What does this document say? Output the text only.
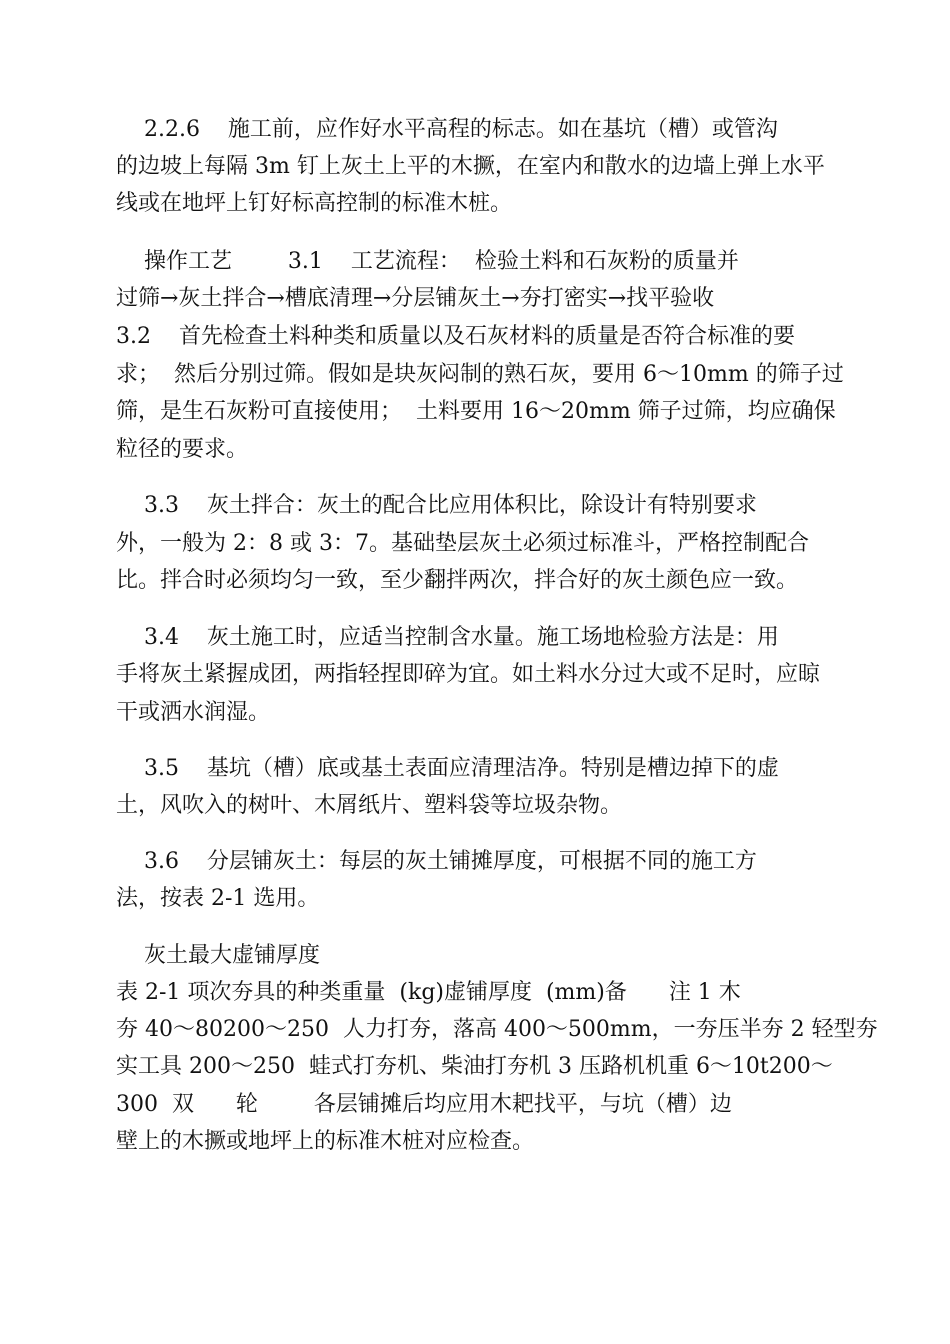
2.2.6    施工前，应作好水平高程的标志。如在基坑（槽）或管沟
的边坡上每隔 3m 钉上灰土上平的木撅，在室内和散水的边墙上弹上水平
线或在地坪上钉好标高控制的标准木桩。
操作工艺        3.1    工艺流程：  检验土料和石灰粉的质量并
过筛→灰土拌合→槽底清理→分层铺灰土→夯打密实→找平验收
3.2    首先检查土料种类和质量以及石灰材料的质量是否符合标准的要
求；  然后分别过筛。假如是块灰闷制的熟石灰，要用 6～10mm 的筛子过
筛，是生石灰粉可直接使用；  土料要用 16～20mm 筛子过筛，均应确保
粒径的要求。
3.3    灰土拌合：灰土的配合比应用体积比，除设计有特别要求
外，一般为 2：8 或 3：7。基础垫层灰土必须过标准斗，严格控制配合
比。拌合时必须均匀一致，至少翻拌两次，拌合好的灰土颜色应一致。
3.4    灰土施工时，应适当控制含水量。施工场地检验方法是：用
手将灰土紧握成团，两指轻捏即碎为宜。如土料水分过大或不足时，应晾
干或洒水润湿。
3.5    基坑（槽）底或基土表面应清理洁净。特别是槽边掉下的虚
土，风吹入的树叶、木屑纸片、塑料袋等垃圾杂物。
3.6    分层铺灰土：每层的灰土铺摊厚度，可根据不同的施工方
法，按表 2-1 选用。
灰土最大虚铺厚度
表 2-1 项次夯具的种类重量  (kg)虚铺厚度  (mm)备      注 1 木
夯 40～80200～250  人力打夯，落高 400～500mm，一夯压半夯 2 轻型夯
实工具 200～250  蛙式打夯机、柴油打夯机 3 压路机机重 6～10t200～
300  双      轮        各层铺摊后均应用木耙找平，与坑（槽）边
壁上的木撅或地坪上的标准木桩对应检查。
